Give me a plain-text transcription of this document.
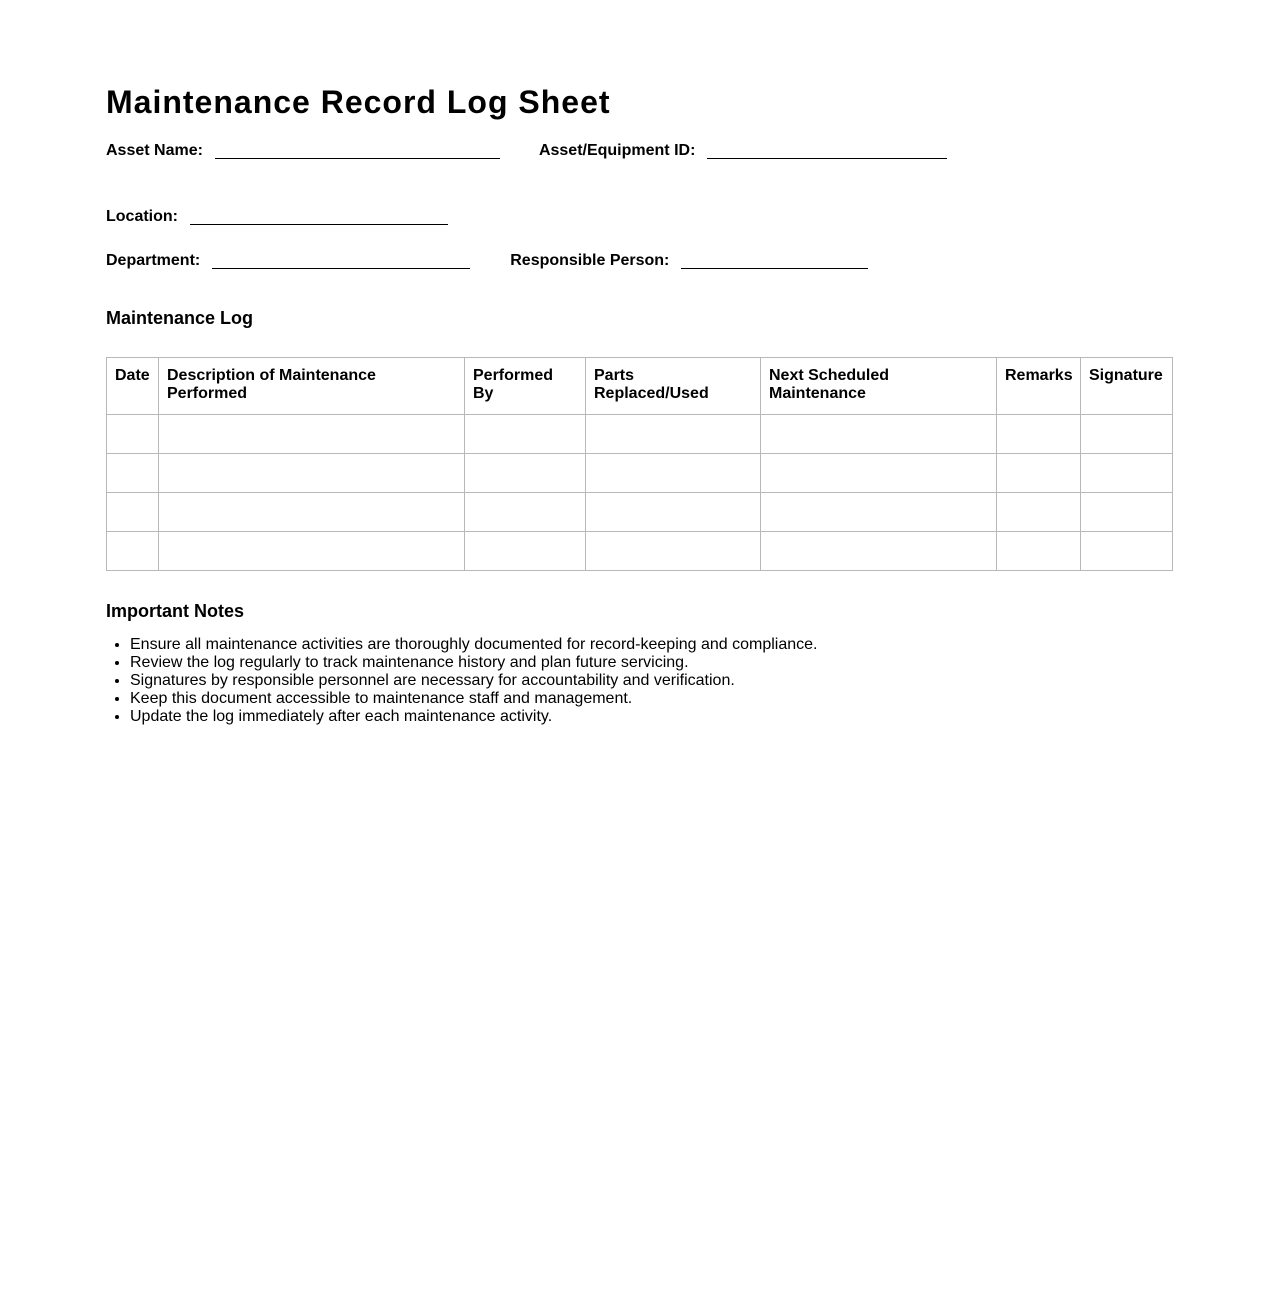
Maintenance Record Log Sheet
Asset Name:	Asset/Equipment ID:
Location:
Department:	Responsible Person:
Maintenance Log
Date	Description of Maintenance Performed	Performed By	Parts Replaced/Used	Next Scheduled Maintenance	Remarks	Signature

Important Notes
• Ensure all maintenance activities are thoroughly documented for record-keeping and compliance.
• Review the log regularly to track maintenance history and plan future servicing.
• Signatures by responsible personnel are necessary for accountability and verification.
• Keep this document accessible to maintenance staff and management.
• Update the log immediately after each maintenance activity.
